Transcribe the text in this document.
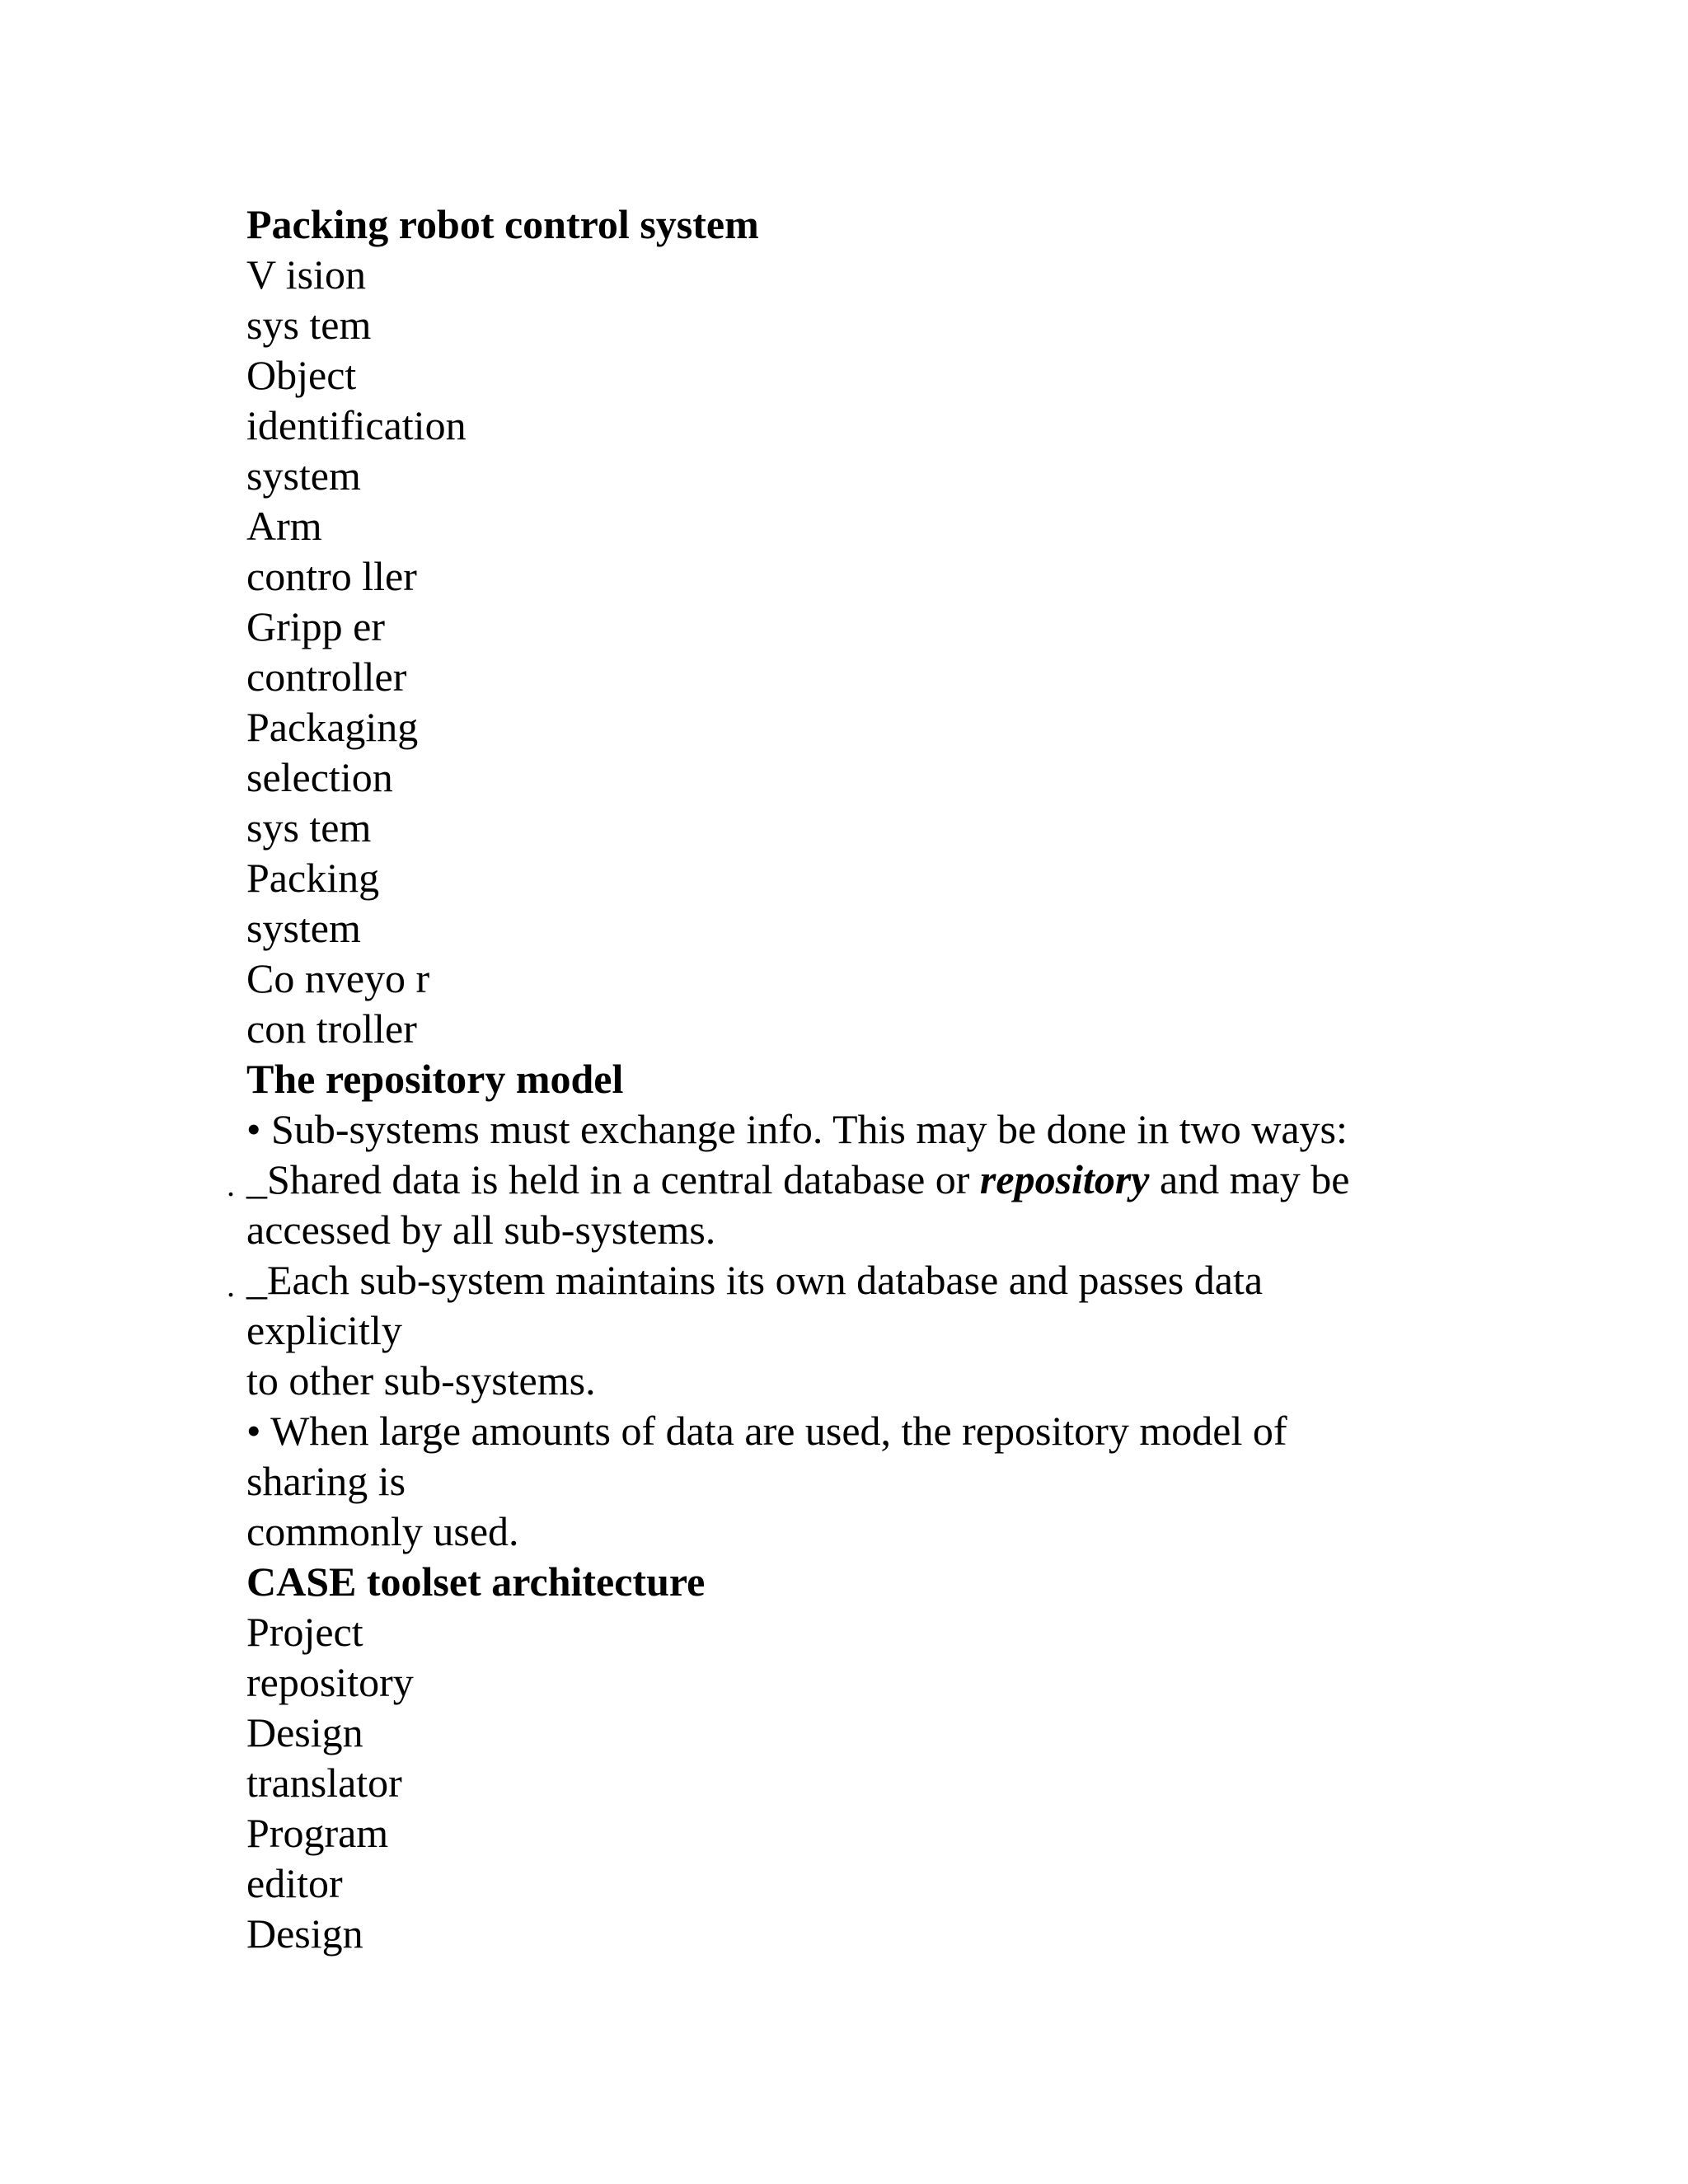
Packing robot control system
V ision
sys tem
Object
identification
system
Arm
contro ller
Gripp er
controller
Packaging
selection
sys tem
Packing
system
Co nveyo r
con troller
The repository model
• Sub-systems must exchange info. This may be done in two ways:
. _Shared data is held in a central database or repository and may be
accessed by all sub-systems.
. _Each sub-system maintains its own database and passes data
explicitly
to other sub-systems.
• When large amounts of data are used, the repository model of
sharing is
commonly used.
CASE toolset architecture
Project
repository
Design
translator
Program
editor
Design
